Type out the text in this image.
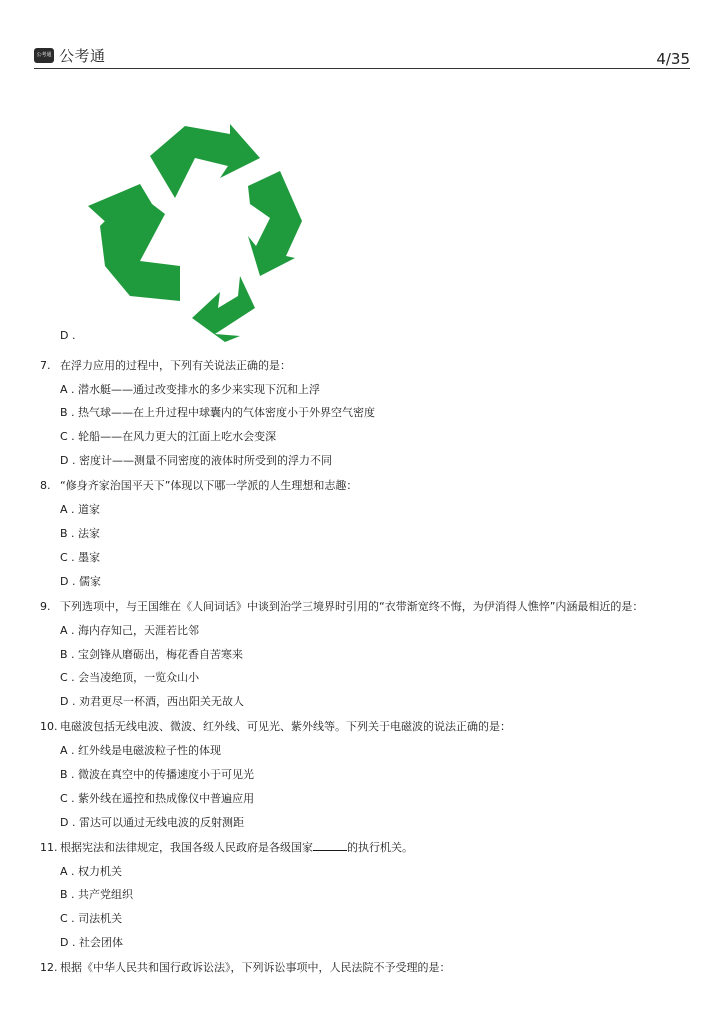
公考通 公考通	4/35
D .
7. 在浮力应用的过程中，下列有关说法正确的是：
A . 潜水艇——通过改变排水的多少来实现下沉和上浮
B . 热气球——在上升过程中球囊内的气体密度小于外界空气密度
C . 轮船——在风力更大的江面上吃水会变深
D . 密度计——测量不同密度的液体时所受到的浮力不同
8. “修身齐家治国平天下”体现以下哪一学派的人生理想和志趣：
A . 道家
B . 法家
C . 墨家
D . 儒家
9. 下列选项中，与王国维在《人间词话》中谈到治学三境界时引用的“衣带渐宽终不悔，为伊消得人憔悴”内涵最相近的是：
A . 海内存知己，天涯若比邻
B . 宝剑锋从磨砺出，梅花香自苦寒来
C . 会当凌绝顶，一览众山小
D . 劝君更尽一杯酒，西出阳关无故人
10. 电磁波包括无线电波、微波、红外线、可见光、紫外线等。下列关于电磁波的说法正确的是：
A . 红外线是电磁波粒子性的体现
B . 微波在真空中的传播速度小于可见光
C . 紫外线在遥控和热成像仪中普遍应用
D . 雷达可以通过无线电波的反射测距
11. 根据宪法和法律规定，我国各级人民政府是各级国家	的执行机关。
A . 权力机关
B . 共产党组织
C . 司法机关
D . 社会团体
12. 根据《中华人民共和国行政诉讼法》，下列诉讼事项中，人民法院不予受理的是：
